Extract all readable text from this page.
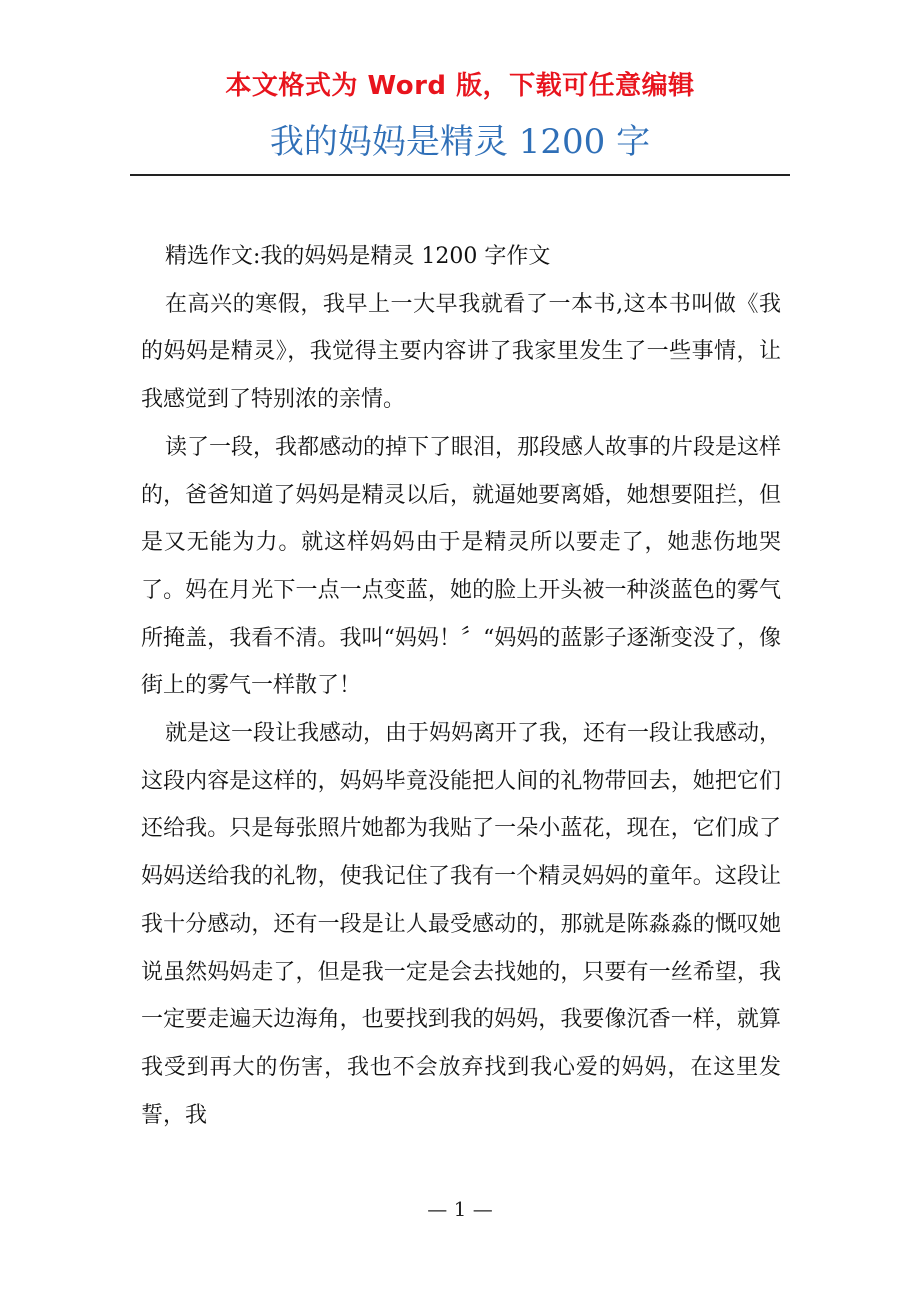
本文格式为 Word 版，下载可任意编辑
我的妈妈是精灵 1200 字

精选作文:我的妈妈是精灵 1200 字作文

在高兴的寒假，我早上一大早我就看了一本书,这本书叫做《我的妈妈是精灵》，我觉得主要内容讲了我家里发生了一些事情，让我感觉到了特别浓的亲情。

读了一段，我都感动的掉下了眼泪，那段感人故事的片段是这样的，爸爸知道了妈妈是精灵以后，就逼她要离婚，她想要阻拦，但是又无能为力。就这样妈妈由于是精灵所以要走了，她悲伤地哭了。妈在月光下一点一点变蓝，她的脸上开头被一种淡蓝色的雾气所掩盖，我看不清。我叫“妈妈！〞“妈妈的蓝影子逐渐变没了，像街上的雾气一样散了！

就是这一段让我感动，由于妈妈离开了我，还有一段让我感动，这段内容是这样的，妈妈毕竟没能把人间的礼物带回去，她把它们还给我。只是每张照片她都为我贴了一朵小蓝花，现在，它们成了妈妈送给我的礼物，使我记住了我有一个精灵妈妈的童年。这段让我十分感动，还有一段是让人最受感动的，那就是陈淼淼的慨叹她说虽然妈妈走了，但是我一定是会去找她的，只要有一丝希望，我一定要走遍天边海角，也要找到我的妈妈，我要像沉香一样，就算我受到再大的伤害，我也不会放弃找到我心爱的妈妈，在这里发誓，我

— 1 —
